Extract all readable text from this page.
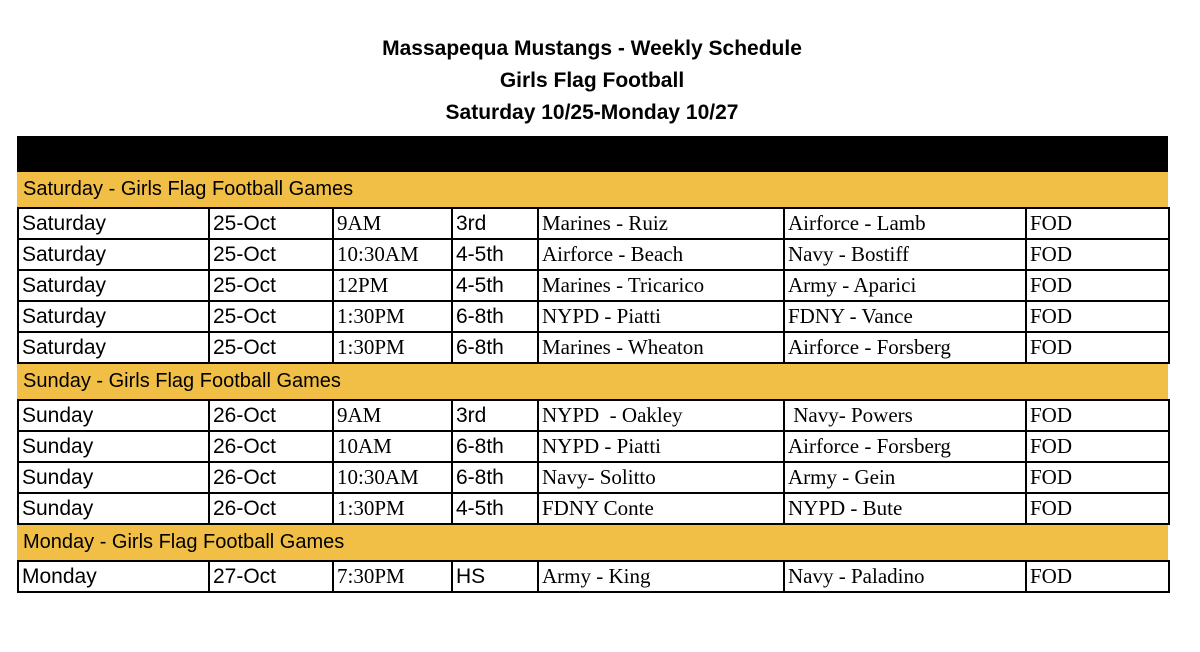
Massapequa Mustangs - Weekly Schedule
Girls Flag Football
Saturday 10/25-Monday 10/27
Saturday - Girls Flag Football Games
Saturday	25-Oct	9AM	3rd	Marines - Ruiz	Airforce - Lamb	FOD
Saturday	25-Oct	10:30AM	4-5th	Airforce - Beach	Navy - Bostiff	FOD
Saturday	25-Oct	12PM	4-5th	Marines - Tricarico	Army - Aparici	FOD
Saturday	25-Oct	1:30PM	6-8th	NYPD - Piatti	FDNY - Vance	FOD
Saturday	25-Oct	1:30PM	6-8th	Marines - Wheaton	Airforce - Forsberg	FOD
Sunday - Girls Flag Football Games
Sunday	26-Oct	9AM	3rd	NYPD  - Oakley	Navy- Powers	FOD
Sunday	26-Oct	10AM	6-8th	NYPD - Piatti	Airforce - Forsberg	FOD
Sunday	26-Oct	10:30AM	6-8th	Navy- Solitto	Army - Gein	FOD
Sunday	26-Oct	1:30PM	4-5th	FDNY Conte	NYPD - Bute	FOD
Monday - Girls Flag Football Games
Monday	27-Oct	7:30PM	HS	Army - King	Navy - Paladino	FOD
